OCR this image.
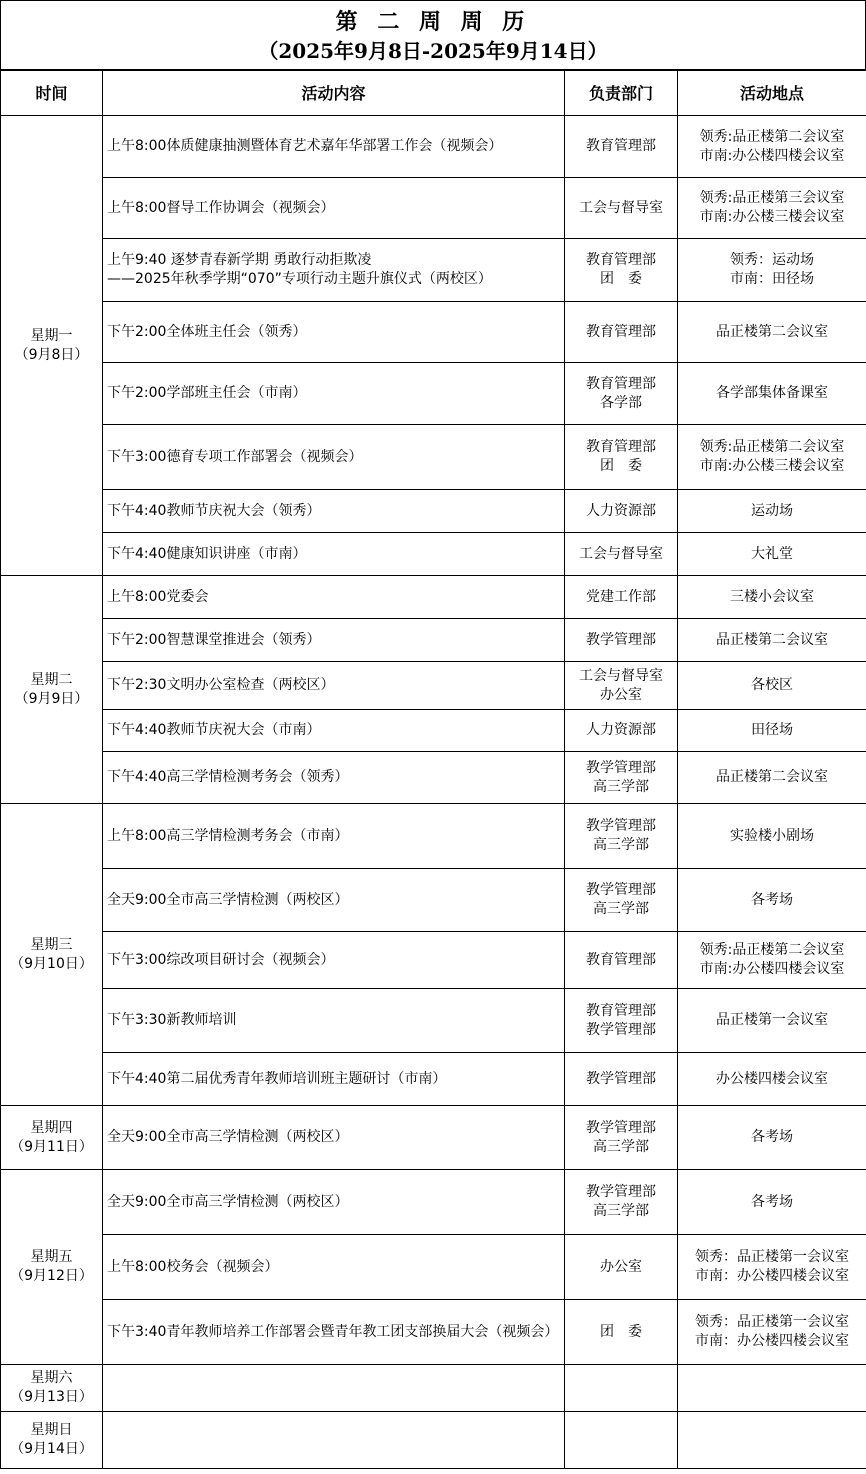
第 二 周 周 历
（2025年9月8日-2025年9月14日）
时间	活动内容	负责部门	活动地点

星期一
（9月8日）	上午8:00体质健康抽测暨体育艺术嘉年华部署工作会（视频会）	教育管理部	领秀:品正楼第二会议室
市南:办公楼四楼会议室

	上午8:00督导工作协调会（视频会）	工会与督导室	领秀:品正楼第三会议室
市南:办公楼三楼会议室

	上午9:40 逐梦青春新学期 勇敢行动拒欺凌
——2025年秋季学期“070”专项行动主题升旗仪式（两校区）	教育管理部
团　委	领秀：运动场
市南：田径场

	下午2:00全体班主任会（领秀）	教育管理部	品正楼第二会议室

	下午2:00学部班主任会（市南）	教育管理部
各学部	各学部集体备课室

	下午3:00德育专项工作部署会（视频会）	教育管理部
团　委	领秀:品正楼第二会议室
市南:办公楼三楼会议室

	下午4:40教师节庆祝大会（领秀）	人力资源部	运动场

	下午4:40健康知识讲座（市南）	工会与督导室	大礼堂

星期二
（9月9日）	上午8:00党委会	党建工作部	三楼小会议室

	下午2:00智慧课堂推进会（领秀）	教学管理部	品正楼第二会议室

	下午2:30文明办公室检查（两校区）	工会与督导室
办公室	各校区

	下午4:40教师节庆祝大会（市南）	人力资源部	田径场

	下午4:40高三学情检测考务会（领秀）	教学管理部
高三学部	品正楼第二会议室

星期三
（9月10日）	上午8:00高三学情检测考务会（市南）	教学管理部
高三学部	实验楼小剧场

	全天9:00全市高三学情检测（两校区）	教学管理部
高三学部	各考场

	下午3:00综改项目研讨会（视频会）	教育管理部	领秀:品正楼第二会议室
市南:办公楼四楼会议室

	下午3:30新教师培训	教育管理部
教学管理部	品正楼第一会议室

	下午4:40第二届优秀青年教师培训班主题研讨（市南）	教学管理部	办公楼四楼会议室

星期四
（9月11日）	全天9:00全市高三学情检测（两校区）	教学管理部
高三学部	各考场

星期五
（9月12日）	全天9:00全市高三学情检测（两校区）	教学管理部
高三学部	各考场

	上午8:00校务会（视频会）	办公室	领秀：品正楼第一会议室
市南：办公楼四楼会议室

	下午3:40青年教师培养工作部署会暨青年教工团支部换届大会（视频会）	团　委	领秀：品正楼第一会议室
市南：办公楼四楼会议室

星期六
（9月13日）			

星期日
（9月14日）			
